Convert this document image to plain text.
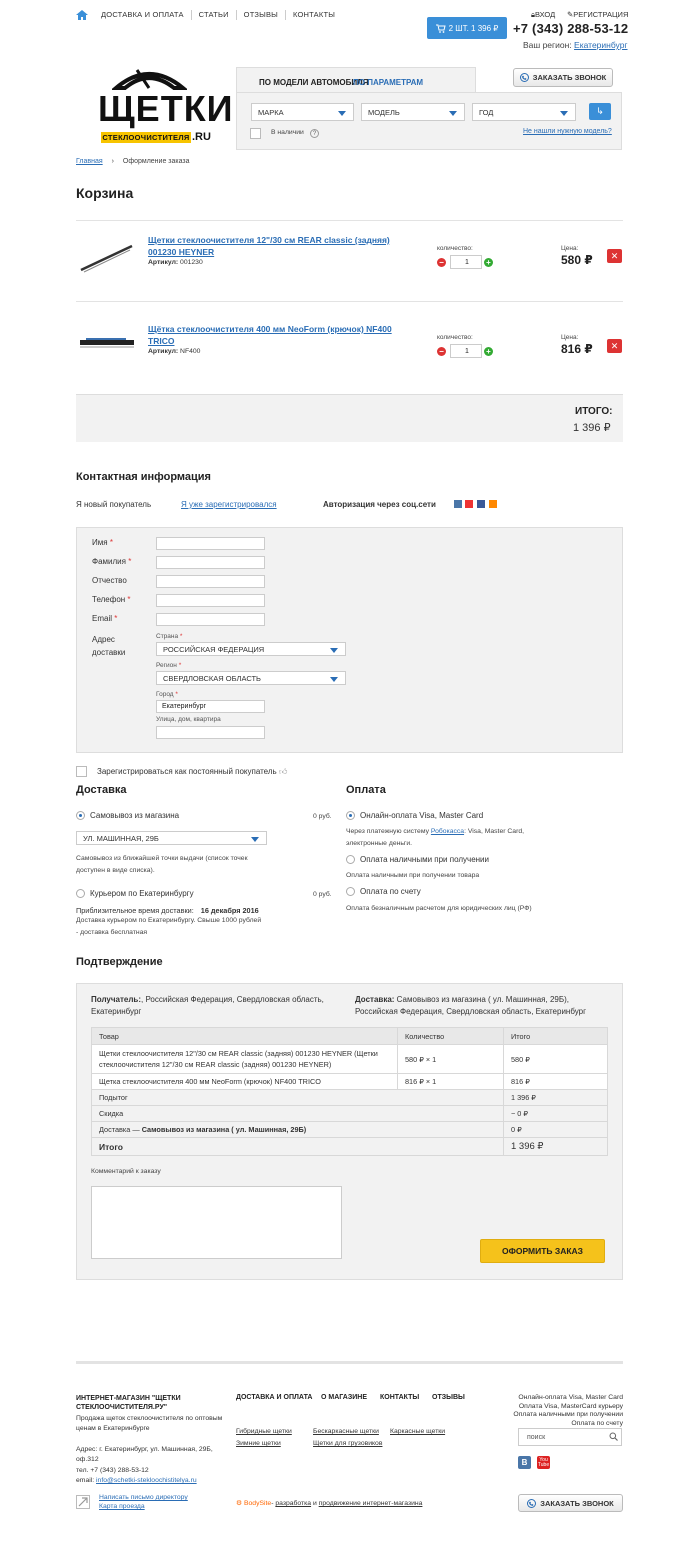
ДОСТАВКА И ОПЛАТА	СТАТЬИ	ОТЗЫВЫ	КОНТАКТЫ
2 ШТ. 1 396 ₽
🔒︎ВХОД ✎РЕГИСТРАЦИЯ
+7 (343) 288-53-12
Ваш регион: Екатеринбург
ЩЕТКИ
СТЕКЛООЧИСТИТЕЛЯ .RU
ПО МОДЕЛИ АВТОМОБИЛЯ
ПО ПАРАМЕТРАМ
ЗАКАЗАТЬ ЗВОНОК
МАРКА	МОДЕЛЬ	ГОД	↳
В наличии	?	Не нашли нужную модель?
Главная › Оформление заказа
Корзина
Щетки стеклоочистителя 12"/30 см REAR classic (задняя) 001230 HEYNER
Артикул: 001230
количество:
−	1	+
Цена:
580 ₽ ✕
Щётка стеклоочистителя 400 мм NeoForm (крючок) NF400 TRICO
Артикул: NF400
количество:
−	1	+
Цена:
816 ₽ ✕
ИТОГО:
1 396 ₽
Контактная информация
Я новый покупатель	Я уже зарегистрировался	Авторизация через соц.сети
Имя *
Фамилия *
Отчество
Телефон *
Email *
Адрес доставки
Страна *
РОССИЙСКАЯ ФЕДЕРАЦИЯ
Регион *
СВЕРДЛОВСКАЯ ОБЛАСТЬ
Город *
Екатеринбург
Улица, дом, квартира
Зарегистрироваться как постоянный покупатель 👍︎
Доставка
Самовывоз из магазина	0 руб.
УЛ. МАШИННАЯ, 29Б
Самовывоз из ближайшей точки выдачи (список точек доступен в виде списка).
Курьером по Екатеринбургу	0 руб.
Приблизительное время доставки: 16 декабря 2016
Доставка курьером по Екатеринбургу. Свыше 1000 рублей
- доставка бесплатная
Оплата
Онлайн-оплата Visa, Master Card
Через платежную систему Робокасса: Visa, Master Card,
электронные деньги.
Оплата наличными при получении
Оплата наличными при получении товара
Оплата по счету
Оплата безналичным расчетом для юридических лиц (РФ)
Подтверждение
Получатель:, Российская Федерация, Свердловская область, Екатеринбург
Доставка: Самовывоз из магазина ( ул. Машинная, 29Б), Российская Федерация, Свердловская область, Екатеринбург
Товар	Количество	Итого
Щетки стеклоочистителя 12"/30 см REAR classic (задняя) 001230 HEYNER (Щетки стеклоочистителя 12"/30 см REAR classic (задняя) 001230 HEYNER)	580 ₽ × 1	580 ₽
Щетка стеклоочистителя 400 мм NeoForm (крючок) NF400 TRICO	816 ₽ × 1	816 ₽
Подытог		1 396 ₽
Скидка		− 0 ₽
Доставка — Самовывоз из магазина ( ул. Машинная, 29Б)		0 ₽
Итого		1 396 ₽
Комментарий к заказу
ОФОРМИТЬ ЗАКАЗ
ИНТЕРНЕТ-МАГАЗИН "ЩЕТКИ СТЕКЛООЧИСТИТЕЛЯ.РУ"
Продажа щеток стеклоочистителя по оптовым ценам в Екатеринбурге
Адрес: г. Екатеринбург, ул. Машинная, 29Б, оф.312
тел. +7 (343) 288-53-12
email: info@schetki-stekloochistitelya.ru
Написать письмо директору
Карта проезда
ДОСТАВКА И ОПЛАТА О МАГАЗИНЕ КОНТАКТЫ ОТЗЫВЫ
Гибридные щетки	Бескаркасные щетки Каркасные щетки
Зимние щетки	Щетки для грузовиков
Онлайн-оплата Visa, Master Card
Оплата Visa, MasterCard курьеру
Оплата наличными при получении
Оплата по счету
поиск
В	You Tube
⚙︎ BodySite- разработка и продвижение интернет-магазина	ЗАКАЗАТЬ ЗВОНОК
